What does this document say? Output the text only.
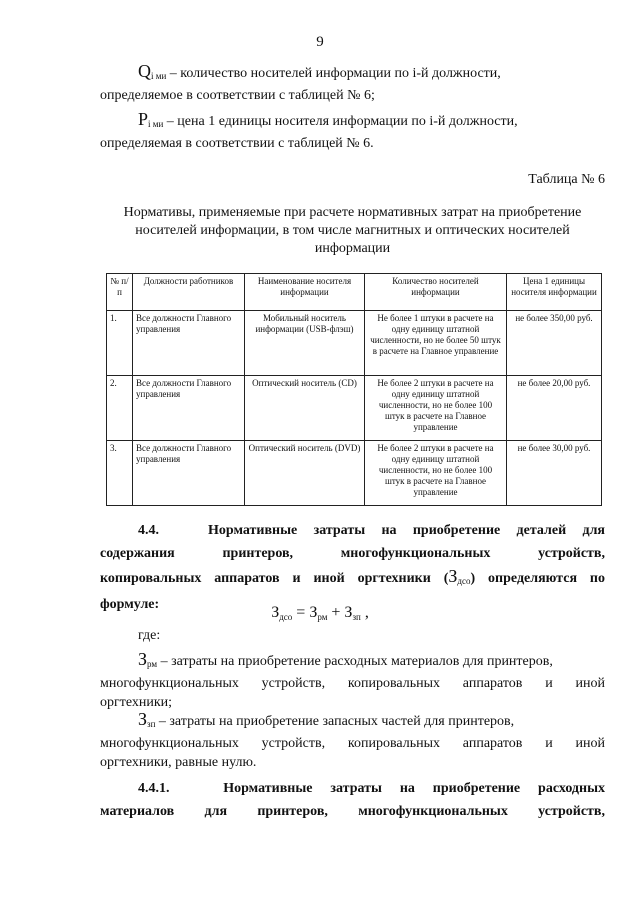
9
$Q_{i ми}$ – количество носителей информации по i-й должности,
определяемое в соответствии с таблицей № 6;
$P_{i ми}$ – цена 1 единицы носителя информации по i-й должности,
определяемая в соответствии с таблицей № 6.
Таблица № 6
Нормативы, применяемые при расчете нормативных затрат на приобретение носителей информации, в том числе магнитных и оптических носителей информации
№ п/п	Должности работников	Наименование носителя информации	Количество носителей информации	Цена 1 единицы носителя информации
1.	Все должности Главного управления	Мобильный носитель информации (USB-флэш)	Не более 1 штуки в расчете на одну единицу штатной численности, но не более 50 штук в расчете на Главное управление	не более 350,00 руб.
2.	Все должности Главного управления	Оптический носитель (CD)	Не более 2 штуки в расчете на одну единицу штатной численности, но не более 100 штук в расчете на Главное управление	не более 20,00 руб.
3.	Все должности Главного управления	Оптический носитель (DVD)	Не более 2 штуки в расчете на одну единицу штатной численности, но не более 100 штук в расчете на Главное управление	не более 30,00 руб.
4.4.	Нормативные затраты на приобретение деталей для
содержания принтеров, многофункциональных устройств,
копировальных аппаратов и иной оргтехники $(З_{дсо})$ определяются по
формуле:	Здсо = Зрм + Ззп ,
где:
$З_{рм}$ – затраты на приобретение расходных материалов для принтеров,
многофункциональных устройств, копировальных аппаратов и иной
оргтехники;
$З_{зп}$ – затраты на приобретение запасных частей для принтеров,
многофункциональных устройств, копировальных аппаратов и иной
оргтехники, равные нулю.
4.4.1.	Нормативные затраты на приобретение расходных
материалов для принтеров, многофункциональных устройств,
